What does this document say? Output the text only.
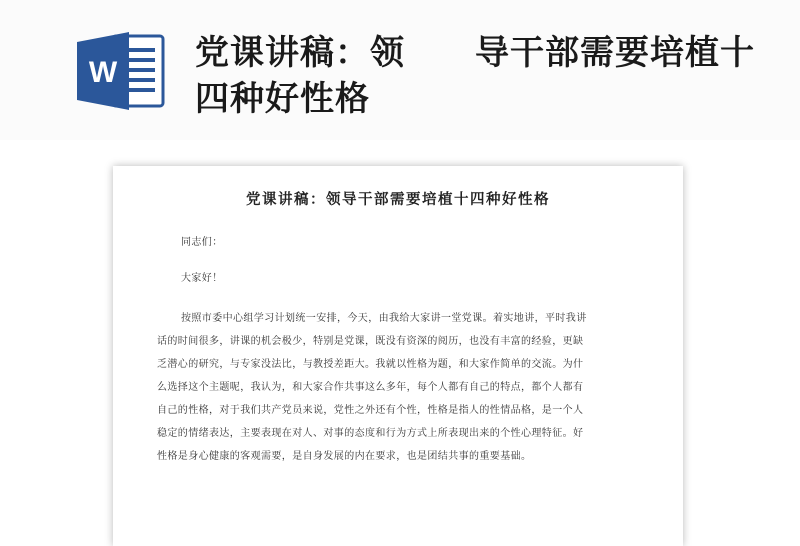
W 党课讲稿：领　　导干部需要培植十四种好性格
党课讲稿：领导干部需要培植十四种好性格
同志们：
大家好！
按照市委中心组学习计划统一安排，今天，由我给大家讲一堂党课。着实地讲，平时我讲
话的时间很多，讲课的机会极少，特别是党课，既没有资深的阅历，也没有丰富的经验，更缺
乏潜心的研究，与专家没法比，与教授差距大。我就以性格为题，和大家作简单的交流。为什
么选择这个主题呢，我认为，和大家合作共事这么多年，每个人都有自己的特点，都个人都有
自己的性格，对于我们共产党员来说，党性之外还有个性，性格是指人的性情品格，是一个人
稳定的情绪表达，主要表现在对人、对事的态度和行为方式上所表现出来的个性心理特征。好
性格是身心健康的客观需要，是自身发展的内在要求，也是团结共事的重要基础。
